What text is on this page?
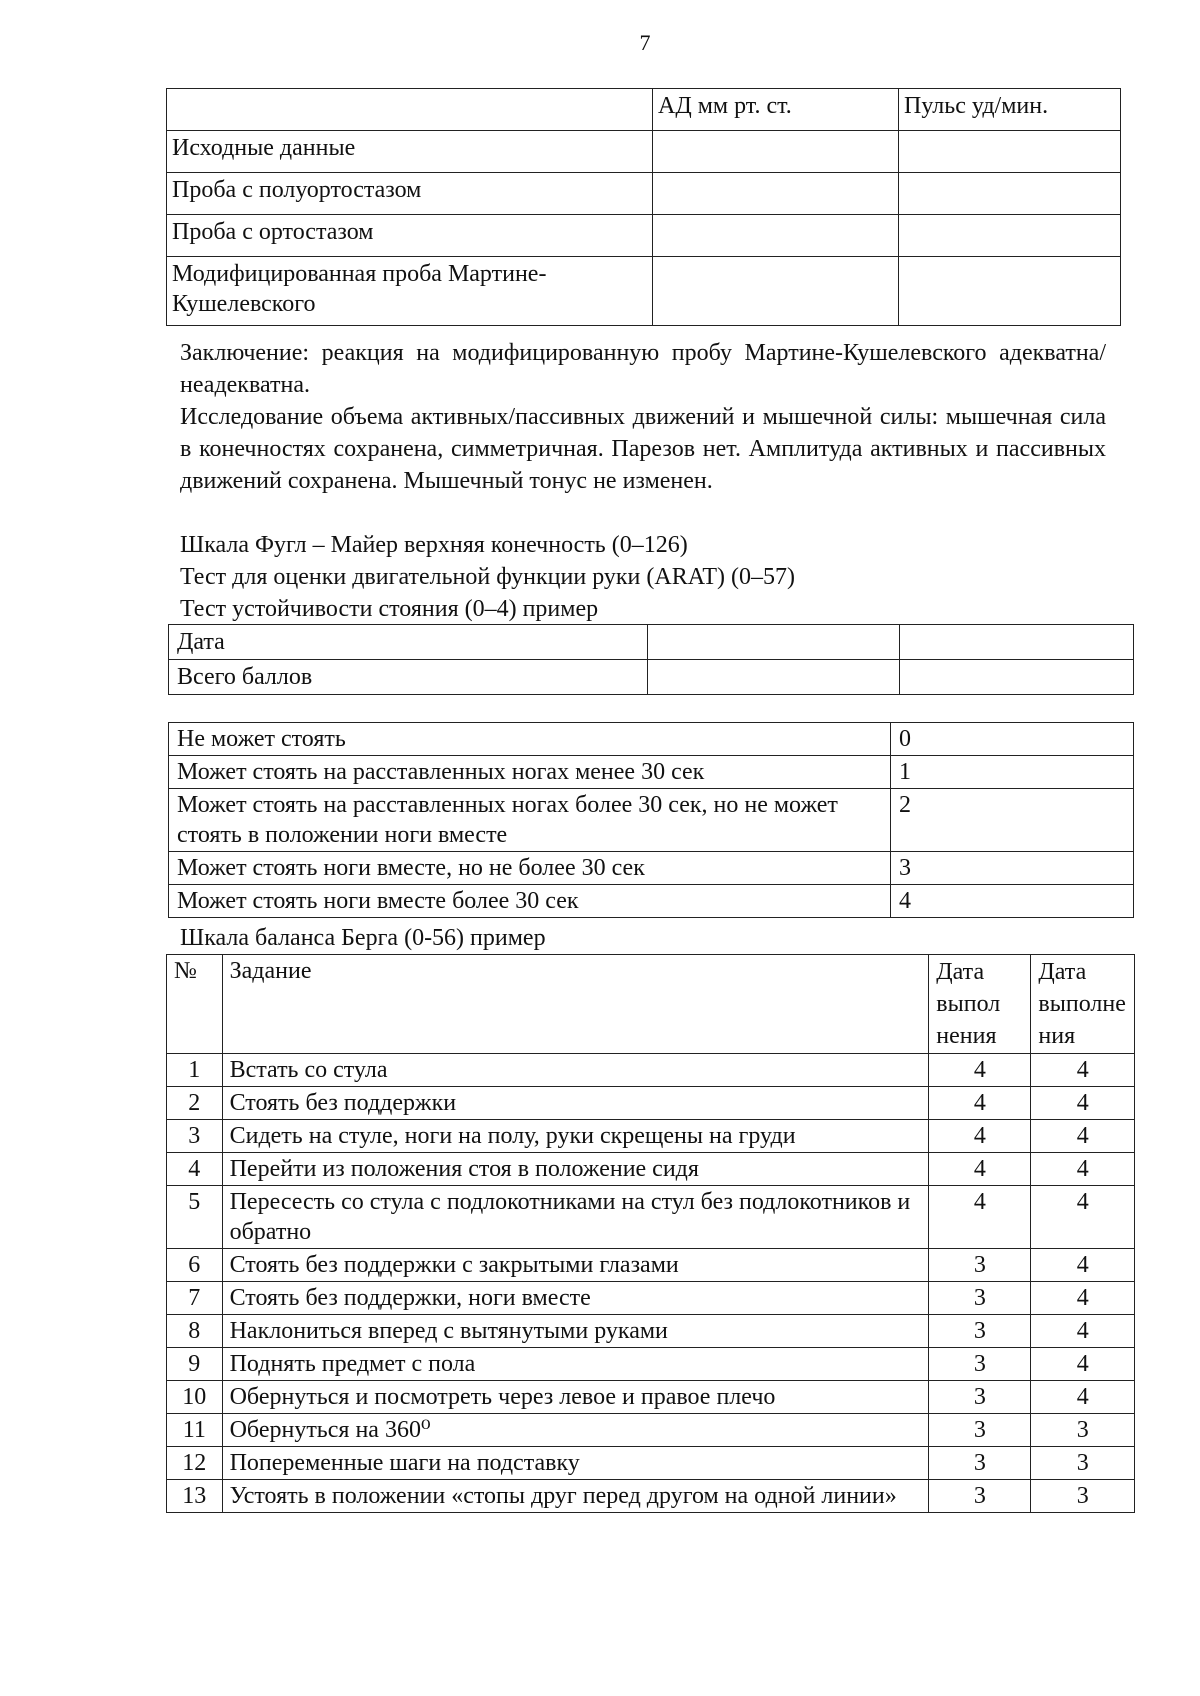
7
	АД мм рт. ст.	Пульс уд/мин.
Исходные данные		
Проба с полуортостазом		
Проба с ортостазом		
Модифицированная проба Мартине-Кушелевского		
Заключение: реакция на модифицированную пробу Мартине-Кушелевского адекватна/неадекватна.
Исследование объема активных/пассивных движений и мышечной силы: мышечная сила в конечностях сохранена, симметричная. Парезов нет. Амплитуда активных и пассивных движений сохранена. Мышечный тонус не изменен.
Шкала Фугл – Майер верхняя конечность (0–126)
Тест для оценки двигательной функции руки (ARAT) (0–57)
Тест устойчивости стояния (0–4) пример
Дата		
Всего баллов		
Не может стоять	0
Может стоять на расставленных ногах менее 30 сек	1
Может стоять на расставленных ногах более 30 сек, но не может стоять в положении ноги вместе	2
Может стоять ноги вместе, но не более 30 сек	3
Может стоять ноги вместе более 30 сек	4
Шкала баланса Берга (0-56) пример
№	Задание	Дата выпол нения	Дата выполне ния
1	Встать со стула	4	4
2	Стоять без поддержки	4	4
3	Сидеть на стуле, ноги на полу, руки скрещены на груди	4	4
4	Перейти из положения стоя в положение сидя	4	4
5	Пересесть со стула с подлокотниками на стул без подлокотников и обратно	4	4
6	Стоять без поддержки с закрытыми глазами	3	4
7	Стоять без поддержки, ноги вместе	3	4
8	Наклониться вперед с вытянутыми руками	3	4
9	Поднять предмет с пола	3	4
10	Обернуться и посмотреть через левое и правое плечо	3	4
11	Обернуться на 360⁰	3	3
12	Попеременные шаги на подставку	3	3
13	Устоять в положении «стопы друг перед другом на одной линии»	3	3
